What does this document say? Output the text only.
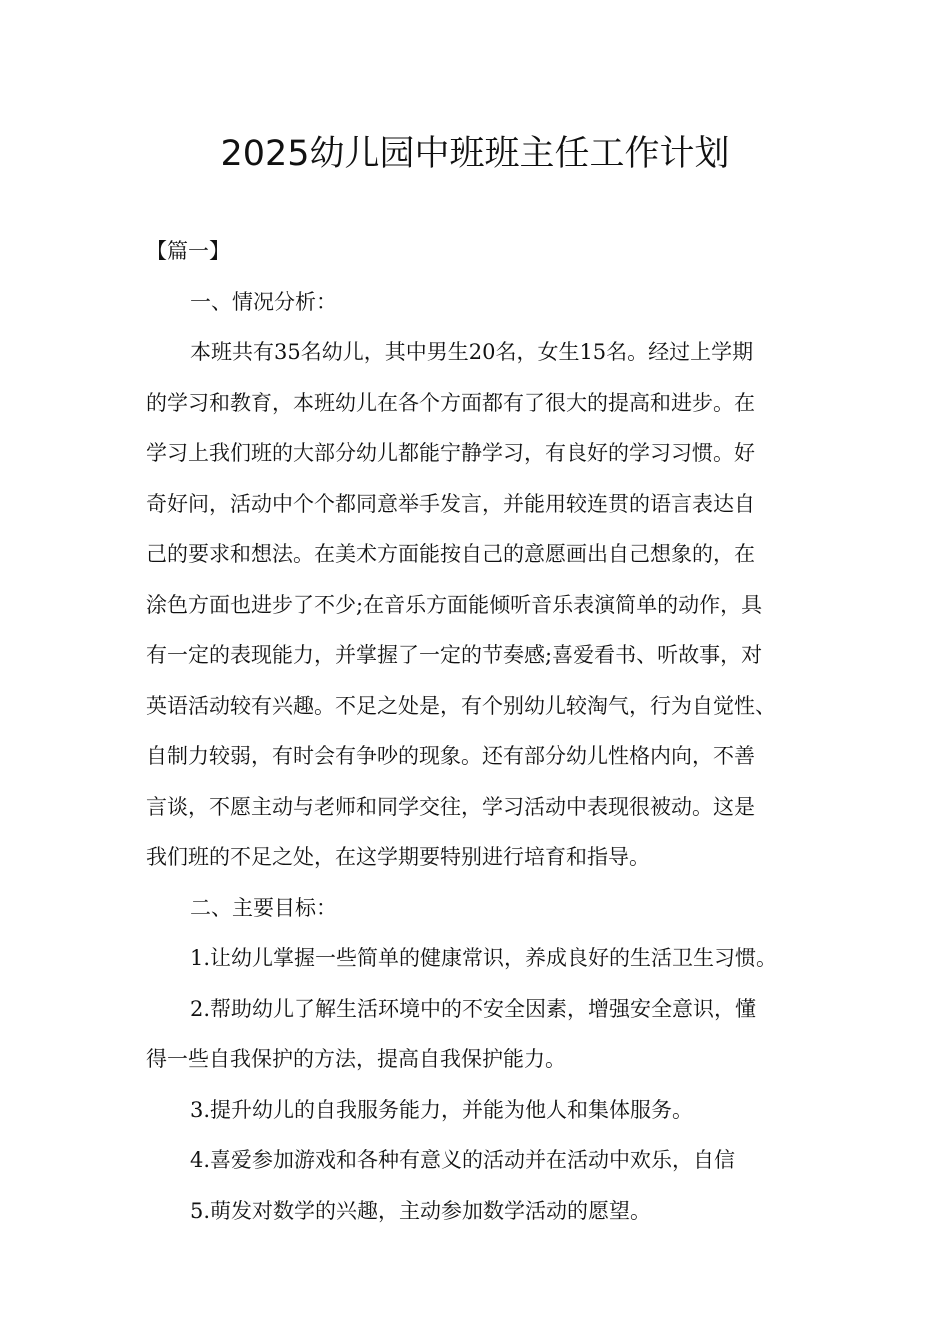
2025幼儿园中班班主任工作计划
【篇一】
一、情况分析：
本班共有35名幼儿，其中男生20名，女生15名。经过上学期
的学习和教育，本班幼儿在各个方面都有了很大的提高和进步。在
学习上我们班的大部分幼儿都能宁静学习，有良好的学习习惯。好
奇好问，活动中个个都同意举手发言，并能用较连贯的语言表达自
己的要求和想法。在美术方面能按自己的意愿画出自己想象的，在
涂色方面也进步了不少;在音乐方面能倾听音乐表演简单的动作，具
有一定的表现能力，并掌握了一定的节奏感;喜爱看书、听故事，对
英语活动较有兴趣。不足之处是，有个别幼儿较淘气，行为自觉性、
自制力较弱，有时会有争吵的现象。还有部分幼儿性格内向，不善
言谈，不愿主动与老师和同学交往，学习活动中表现很被动。这是
我们班的不足之处，在这学期要特别进行培育和指导。
二、主要目标：
1.让幼儿掌握一些简单的健康常识，养成良好的生活卫生习惯。
2.帮助幼儿了解生活环境中的不安全因素，增强安全意识，懂
得一些自我保护的方法，提高自我保护能力。
3.提升幼儿的自我服务能力，并能为他人和集体服务。
4.喜爱参加游戏和各种有意义的活动并在活动中欢乐，自信
5.萌发对数学的兴趣，主动参加数学活动的愿望。
